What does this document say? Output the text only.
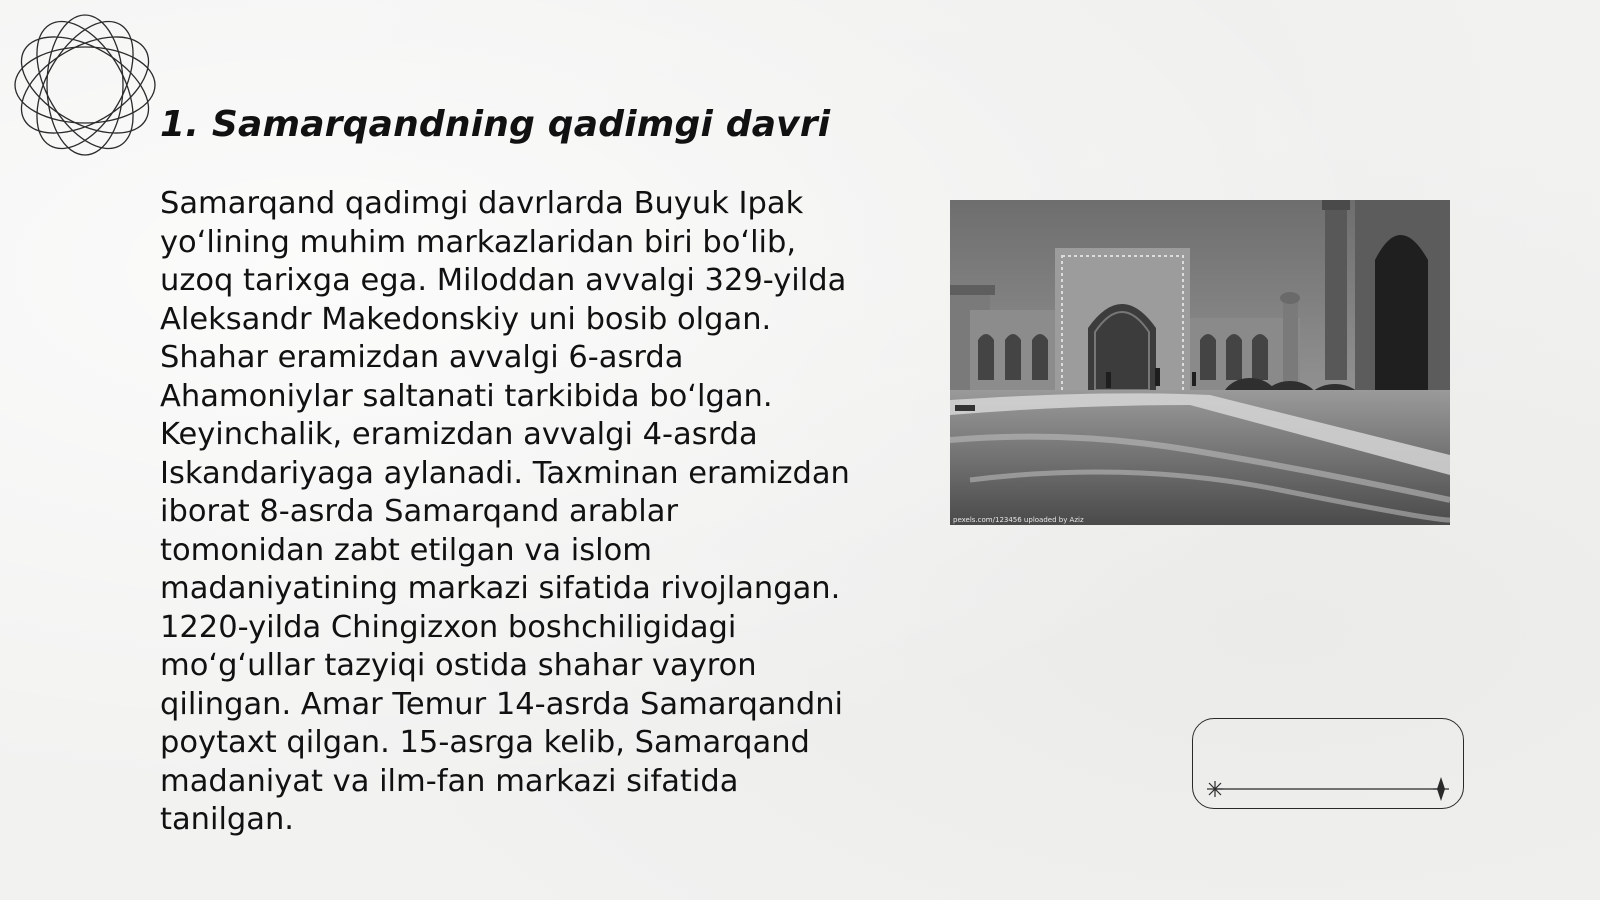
1. Samarqandning qadimgi davri

Samarqand qadimgi davrlarda Buyuk Ipak
yo‘lining muhim markazlaridan biri bo‘lib,
uzoq tarixga ega. Miloddan avvalgi 329-yilda
Aleksandr Makedonskiy uni bosib olgan.
Shahar eramizdan avvalgi 6-asrda
Ahamoniylar saltanati tarkibida bo‘lgan.
Keyinchalik, eramizdan avvalgi 4-asrda
Iskandariyaga aylanadi. Taxminan eramizdan
iborat 8-asrda Samarqand arablar
tomonidan zabt etilgan va islom
madaniyatining markazi sifatida rivojlangan.
1220-yilda Chingizxon boshchiligidagi
mo‘g‘ullar tazyiqi ostida shahar vayron
qilingan. Amar Temur 14-asrda Samarqandni
poytaxt qilgan. 15-asrga kelib, Samarqand
madaniyat va ilm-fan markazi sifatida
tanilgan.

pexels.com/123456 uploaded by Aziz
